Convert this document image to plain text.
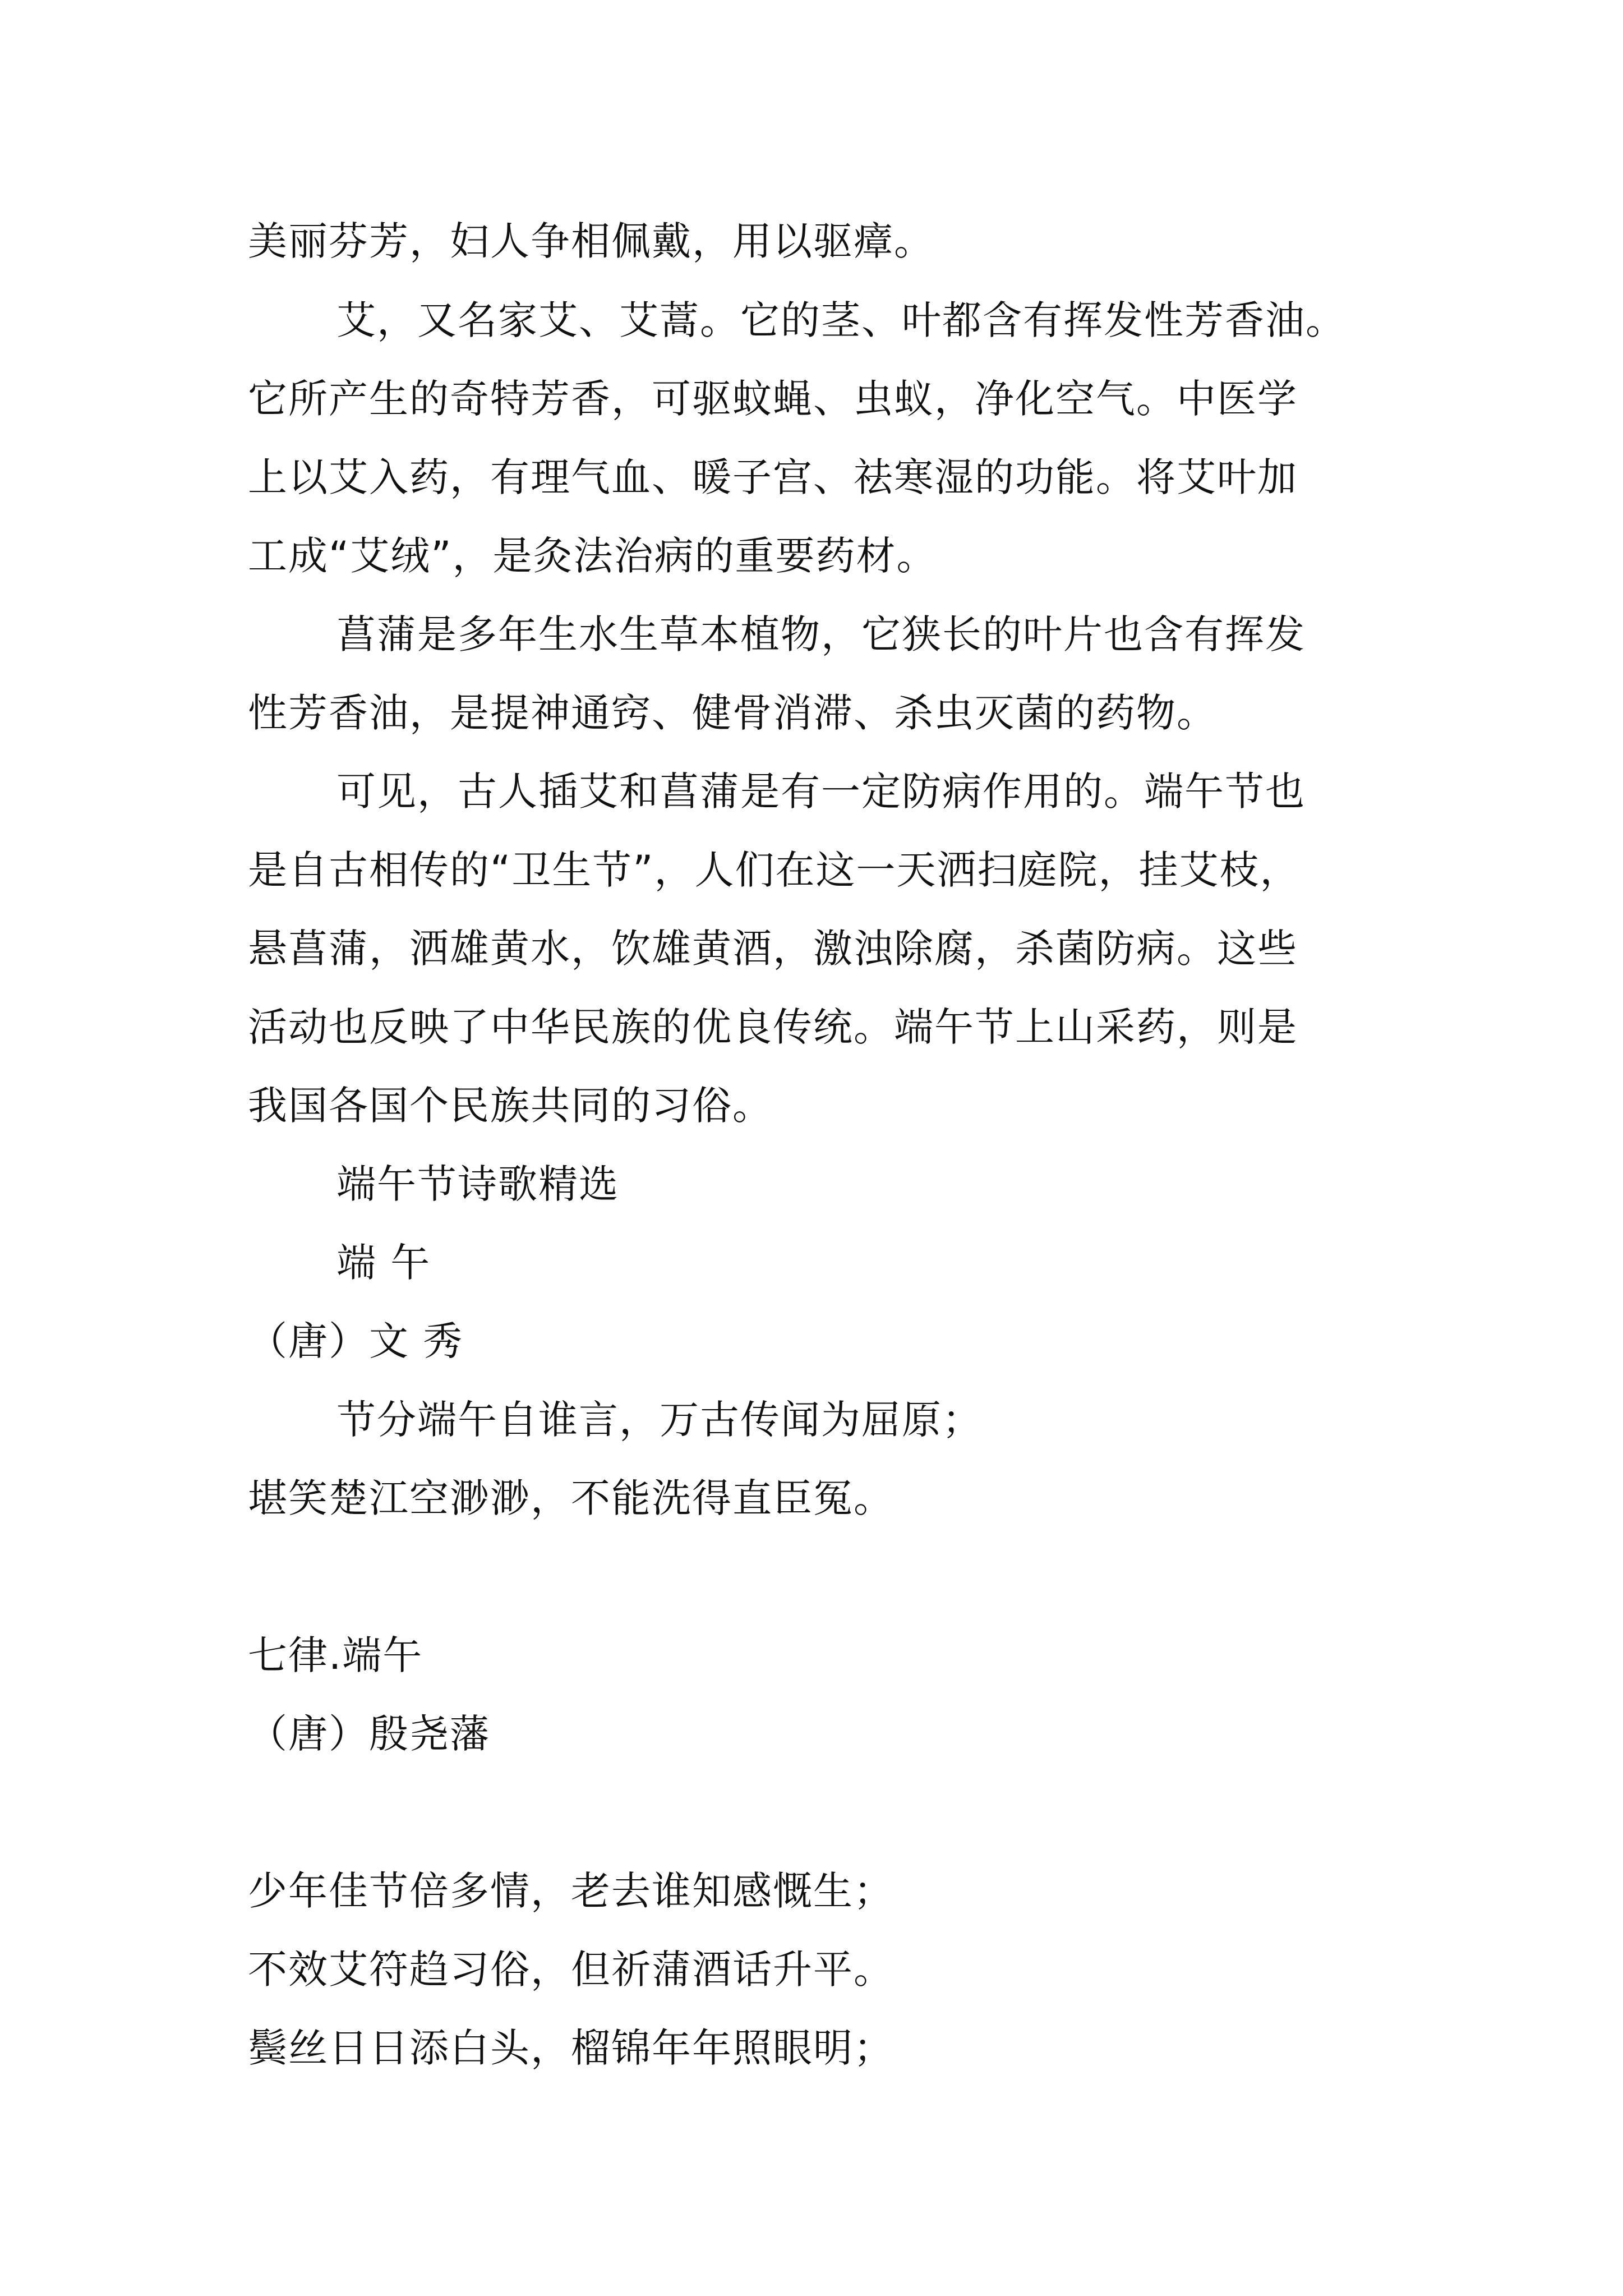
美丽芬芳，妇人争相佩戴，用以驱瘴。
艾，又名家艾、艾蒿。它的茎、叶都含有挥发性芳香油。
它所产生的奇特芳香，可驱蚊蝇、虫蚁，净化空气。中医学
上以艾入药，有理气血、暖子宫、祛寒湿的功能。将艾叶加
工成“艾绒”，是灸法治病的重要药材。
菖蒲是多年生水生草本植物，它狭长的叶片也含有挥发
性芳香油，是提神通窍、健骨消滞、杀虫灭菌的药物。
可见，古人插艾和菖蒲是有一定防病作用的。端午节也
是自古相传的“卫生节”，人们在这一天洒扫庭院，挂艾枝，
悬菖蒲，洒雄黄水，饮雄黄酒，激浊除腐，杀菌防病。这些
活动也反映了中华民族的优良传统。端午节上山采药，则是
我国各国个民族共同的习俗。
端午节诗歌精选
端 午
（唐）文 秀
节分端午自谁言，万古传闻为屈原；
堪笑楚江空渺渺，不能洗得直臣冤。
七律.端午
（唐）殷尧藩
少年佳节倍多情，老去谁知感慨生；
不效艾符趋习俗，但祈蒲酒话升平。
鬓丝日日添白头，榴锦年年照眼明；
